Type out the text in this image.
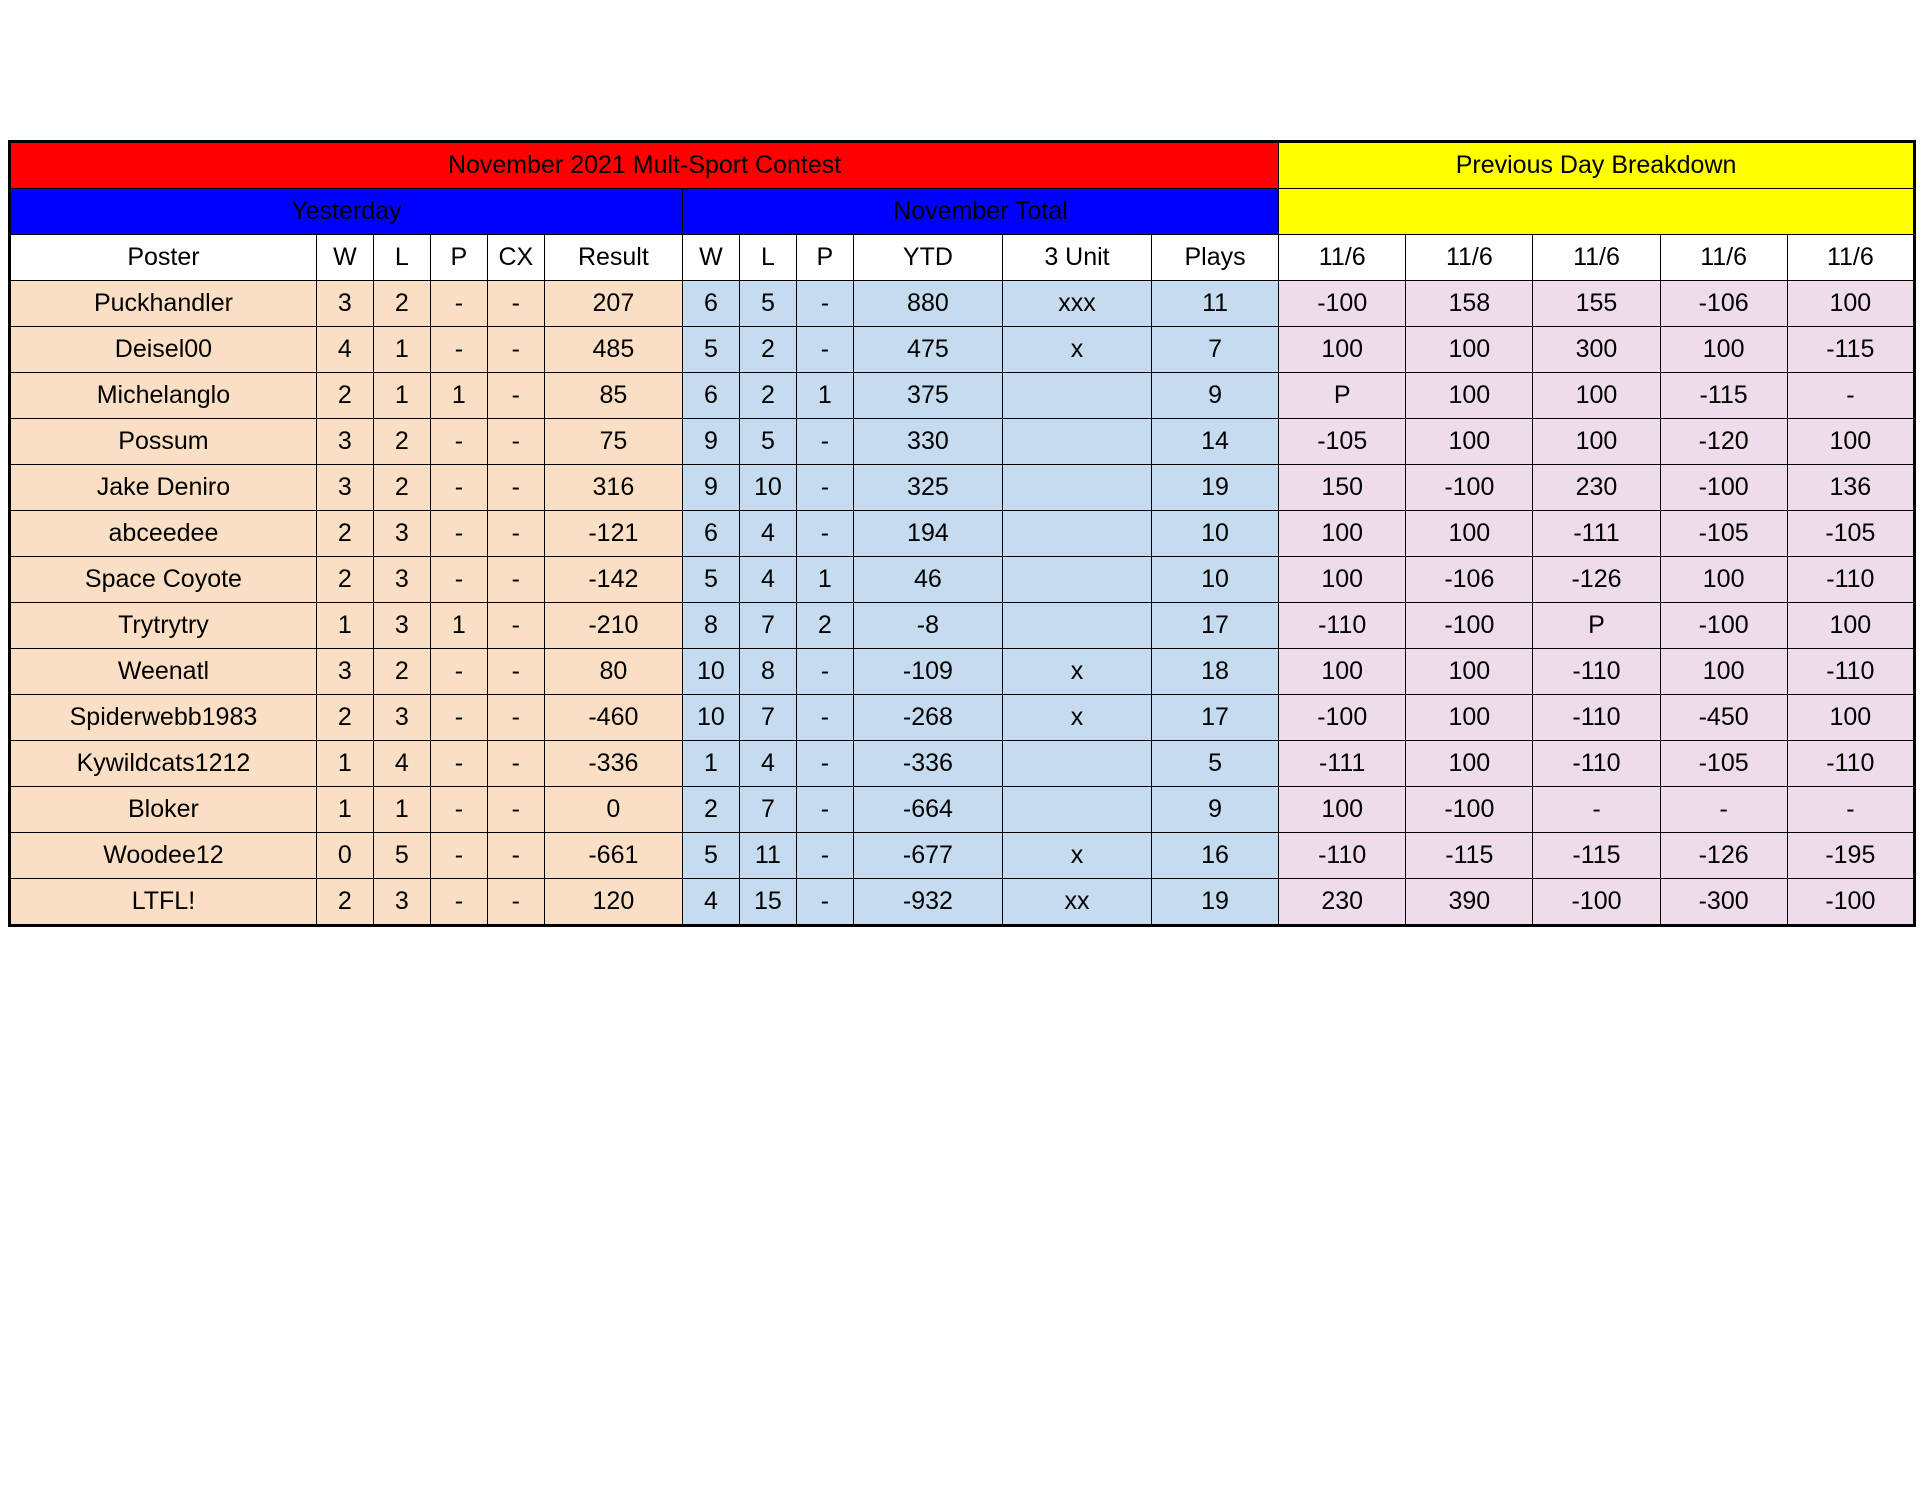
November 2021 Mult-Sport Contest												Previous Day Breakdown				
Yesterday						November Total										
Poster	W	L	P	CX	Result	W	L	P	YTD	3 Unit	Plays	11/6	11/6	11/6	11/6	11/6
Puckhandler	3	2	-	-	207	6	5	-	880	xxx	11	-100	158	155	-106	100
Deisel00	4	1	-	-	485	5	2	-	475	x	7	100	100	300	100	-115
Michelanglo	2	1	1	-	85	6	2	1	375		9	P	100	100	-115	-
Possum	3	2	-	-	75	9	5	-	330		14	-105	100	100	-120	100
Jake Deniro	3	2	-	-	316	9	10	-	325		19	150	-100	230	-100	136
abceedee	2	3	-	-	-121	6	4	-	194		10	100	100	-111	-105	-105
Space Coyote	2	3	-	-	-142	5	4	1	46		10	100	-106	-126	100	-110
Trytrytry	1	3	1	-	-210	8	7	2	-8		17	-110	-100	P	-100	100
Weenatl	3	2	-	-	80	10	8	-	-109	x	18	100	100	-110	100	-110
Spiderwebb1983	2	3	-	-	-460	10	7	-	-268	x	17	-100	100	-110	-450	100
Kywildcats1212	1	4	-	-	-336	1	4	-	-336		5	-111	100	-110	-105	-110
Bloker	1	1	-	-	0	2	7	-	-664		9	100	-100	-	-	-
Woodee12	0	5	-	-	-661	5	11	-	-677	x	16	-110	-115	-115	-126	-195
LTFL!	2	3	-	-	120	4	15	-	-932	xx	19	230	390	-100	-300	-100
